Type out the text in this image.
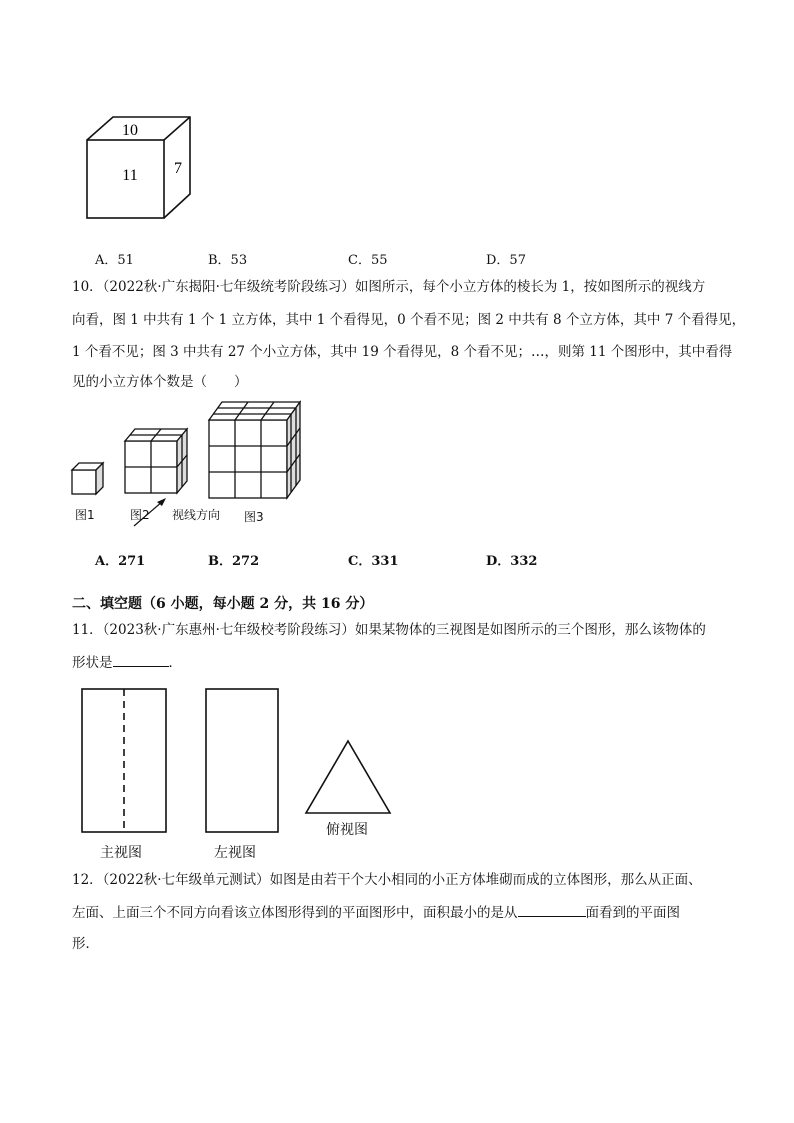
10
11 7
A．51	B．53	C．55	D．57
10．（2022秋·广东揭阳·七年级统考阶段练习）如图所示，每个小立方体的棱长为 1，按如图所示的视线方
向看，图 1 中共有 1 个 1 立方体，其中 1 个看得见，0 个看不见；图 2 中共有 8 个立方体，其中 7 个看得见，
1 个看不见；图 3 中共有 27 个小立方体，其中 19 个看得见，8 个看不见；…，则第 11 个图形中，其中看得
见的小立方体个数是（　　）
图1	图2 视线方向 图3
A．271	B．272	C．331	D．332
二、填空题（6 小题，每小题 2 分，共 16 分）
11．（2023秋·广东惠州·七年级校考阶段练习）如果某物体的三视图是如图所示的三个图形，那么该物体的
形状是	．
主视图	左视图
俯视图
12．（2022秋·七年级单元测试）如图是由若干个大小相同的小正方体堆砌而成的立体图形，那么从正面、
左面、上面三个不同方向看该立体图形得到的平面图形中，面积最小的是从	面看到的平面图
形．
